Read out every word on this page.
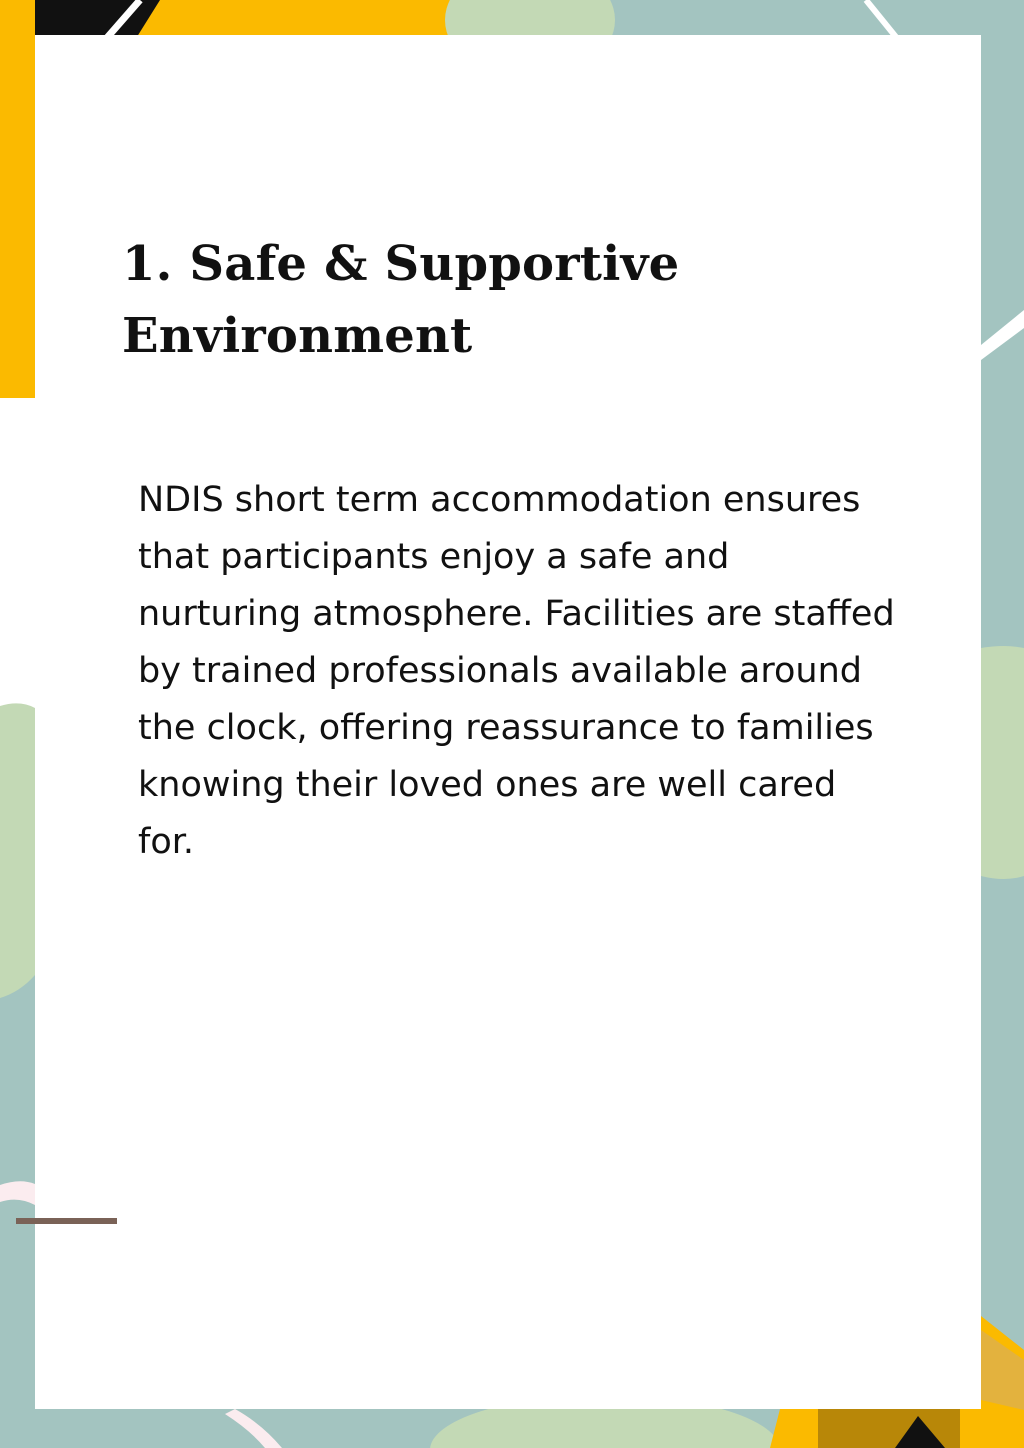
1. Safe & Supportive
Environment

NDIS short term accommodation ensures that participants enjoy a safe and nurturing atmosphere. Facilities are staffed by trained professionals available around the clock, offering reassurance to families knowing their loved ones are well cared for.
